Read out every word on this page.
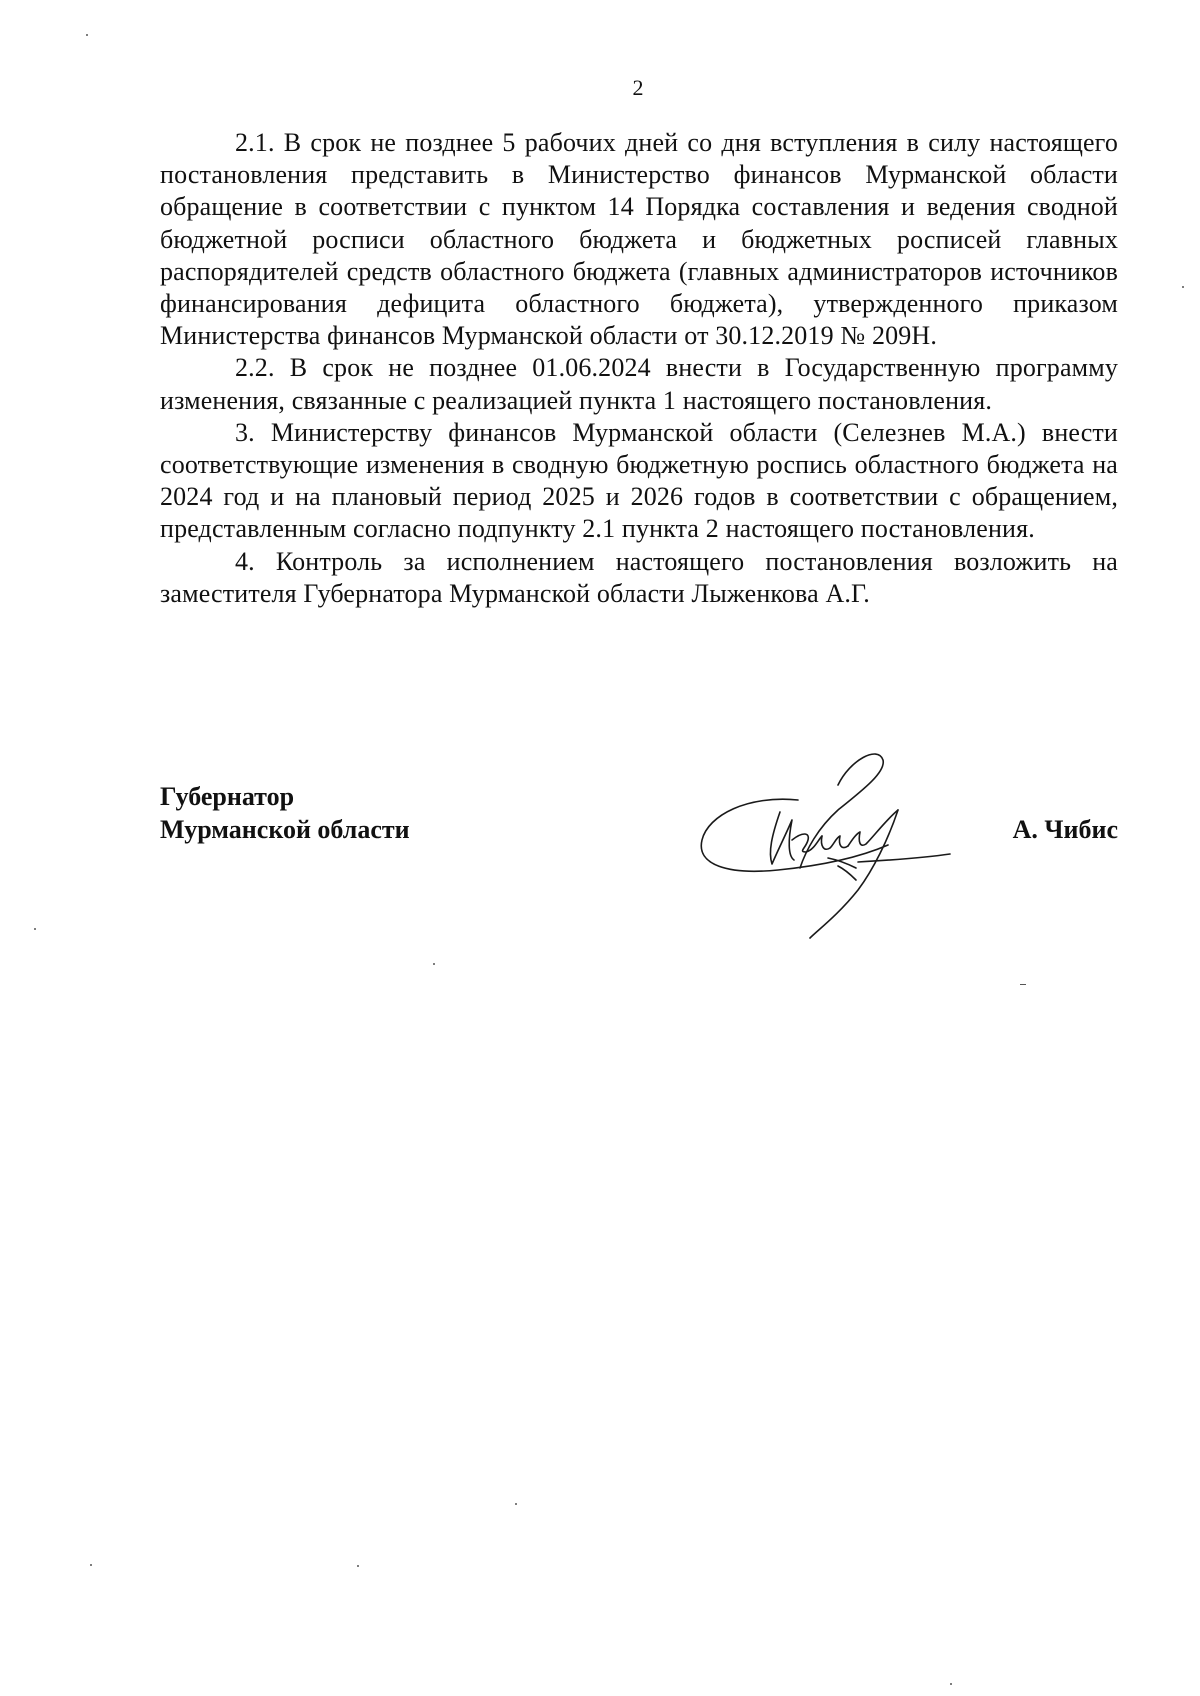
2

2.1. В срок не позднее 5 рабочих дней со дня вступления в силу настоящего постановления представить в Министерство финансов Мурманской области обращение в соответствии с пунктом 14 Порядка составления и ведения сводной бюджетной росписи областного бюджета и бюджетных росписей главных распорядителей средств областного бюджета (главных администраторов источников финансирования дефицита областного бюджета), утвержденного приказом Министерства финансов Мурманской области от 30.12.2019 № 209Н.

2.2. В срок не позднее 01.06.2024 внести в Государственную программу изменения, связанные с реализацией пункта 1 настоящего постановления.

3. Министерству финансов Мурманской области (Селезнев М.А.) внести соответствующие изменения в сводную бюджетную роспись областного бюджета на 2024 год и на плановый период 2025 и 2026 годов в соответствии с обращением, представленным согласно подпункту 2.1 пункта 2 настоящего постановления.

4. Контроль за исполнением настоящего постановления возложить на заместителя Губернатора Мурманской области Лыженкова А.Г.

Губернатор
Мурманской области	А. Чибис
